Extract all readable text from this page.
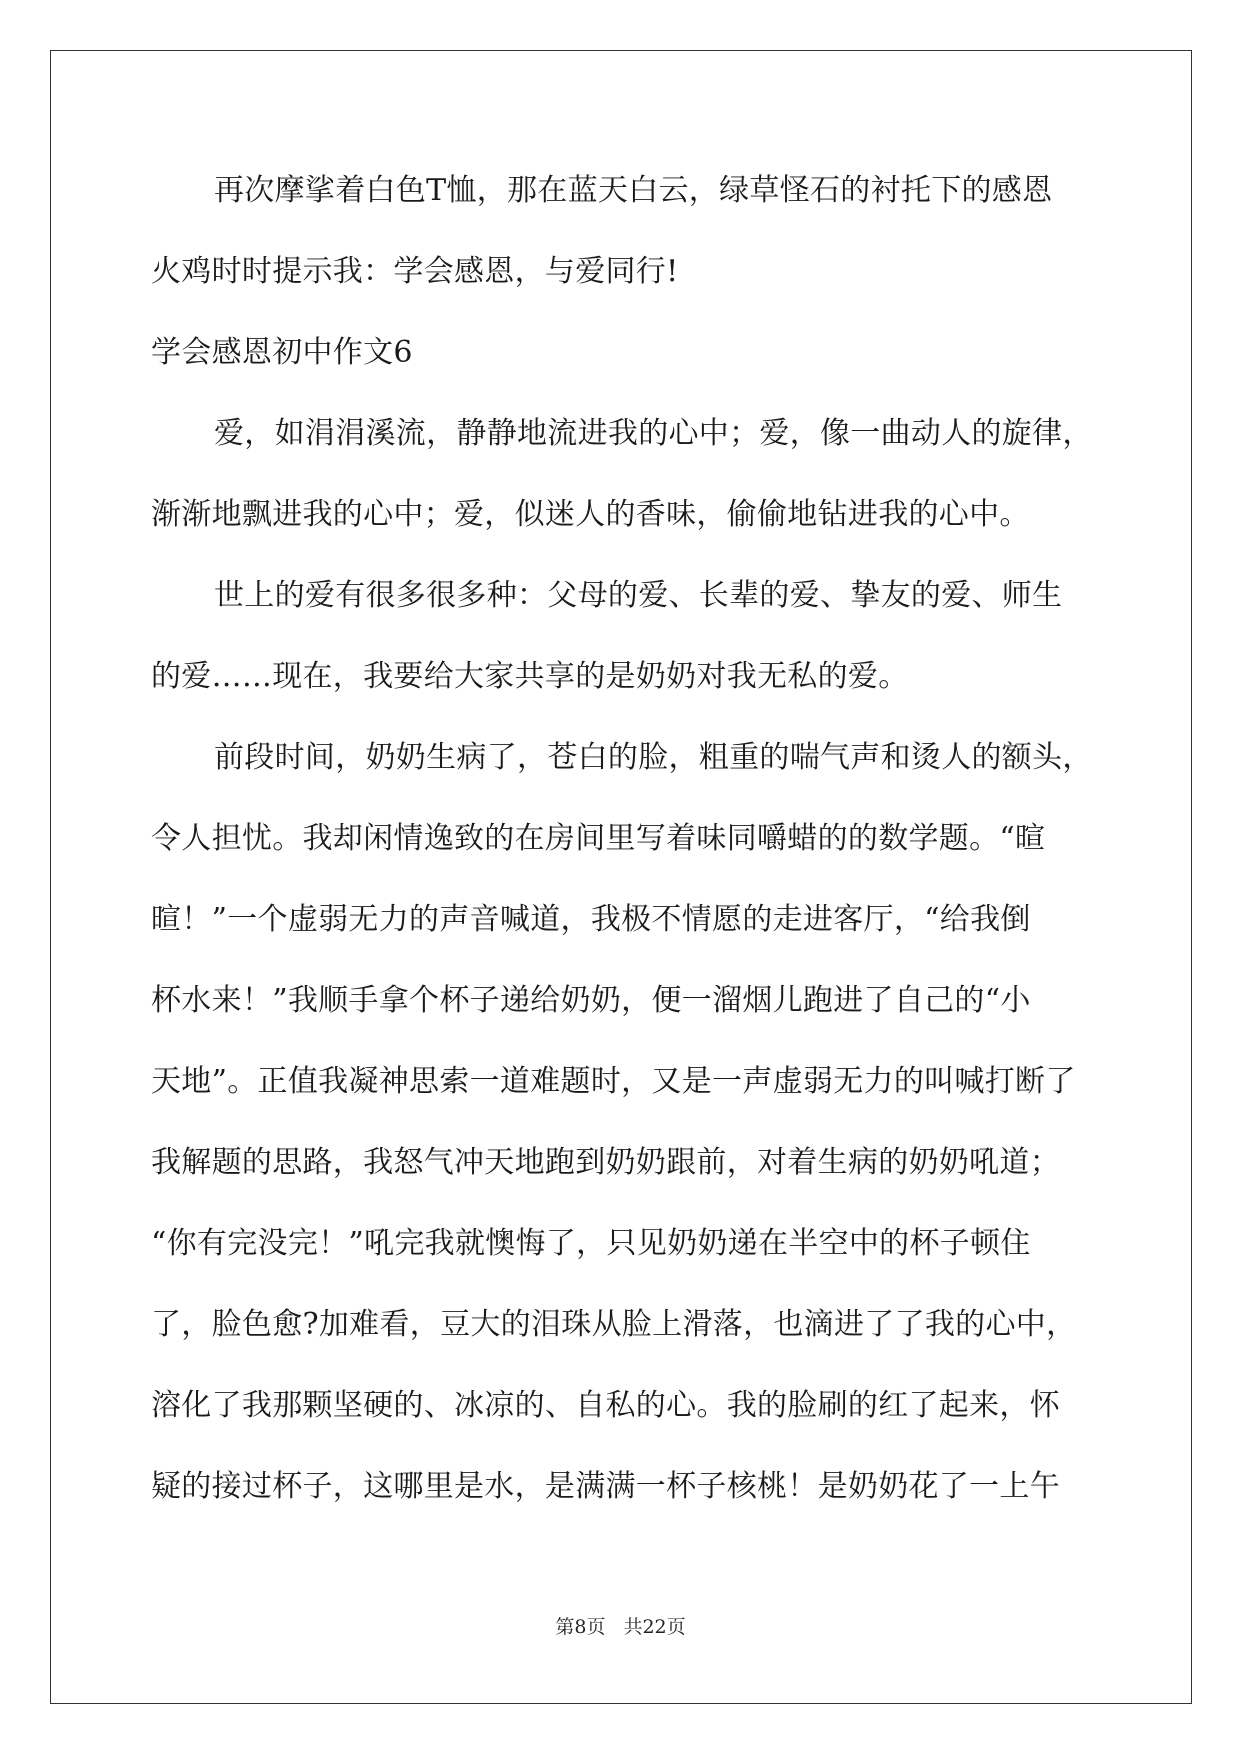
再次摩挲着白色T恤，那在蓝天白云，绿草怪石的衬托下的感恩
火鸡时时提示我：学会感恩，与爱同行!
学会感恩初中作文6
爱，如涓涓溪流，静静地流进我的心中；爱，像一曲动人的旋律，
渐渐地飘进我的心中；爱，似迷人的香味，偷偷地钻进我的心中。
世上的爱有很多很多种：父母的爱、长辈的爱、挚友的爱、师生
的爱……现在，我要给大家共享的是奶奶对我无私的爱。
前段时间，奶奶生病了，苍白的脸，粗重的喘气声和烫人的额头，
令人担忧。我却闲情逸致的在房间里写着味同嚼蜡的的数学题。“暄
暄！”一个虚弱无力的声音喊道，我极不情愿的走进客厅，“给我倒
杯水来！”我顺手拿个杯子递给奶奶，便一溜烟儿跑进了自己的“小
天地”。正值我凝神思索一道难题时，又是一声虚弱无力的叫喊打断了
我解题的思路，我怒气冲天地跑到奶奶跟前，对着生病的奶奶吼道；
“你有完没完！”吼完我就懊悔了，只见奶奶递在半空中的杯子顿住
了，脸色愈?加难看，豆大的泪珠从脸上滑落，也滴进了了我的心中，
溶化了我那颗坚硬的、冰凉的、自私的心。我的脸刷的红了起来，怀
疑的接过杯子，这哪里是水，是满满一杯子核桃！是奶奶花了一上午
第8页 共22页
